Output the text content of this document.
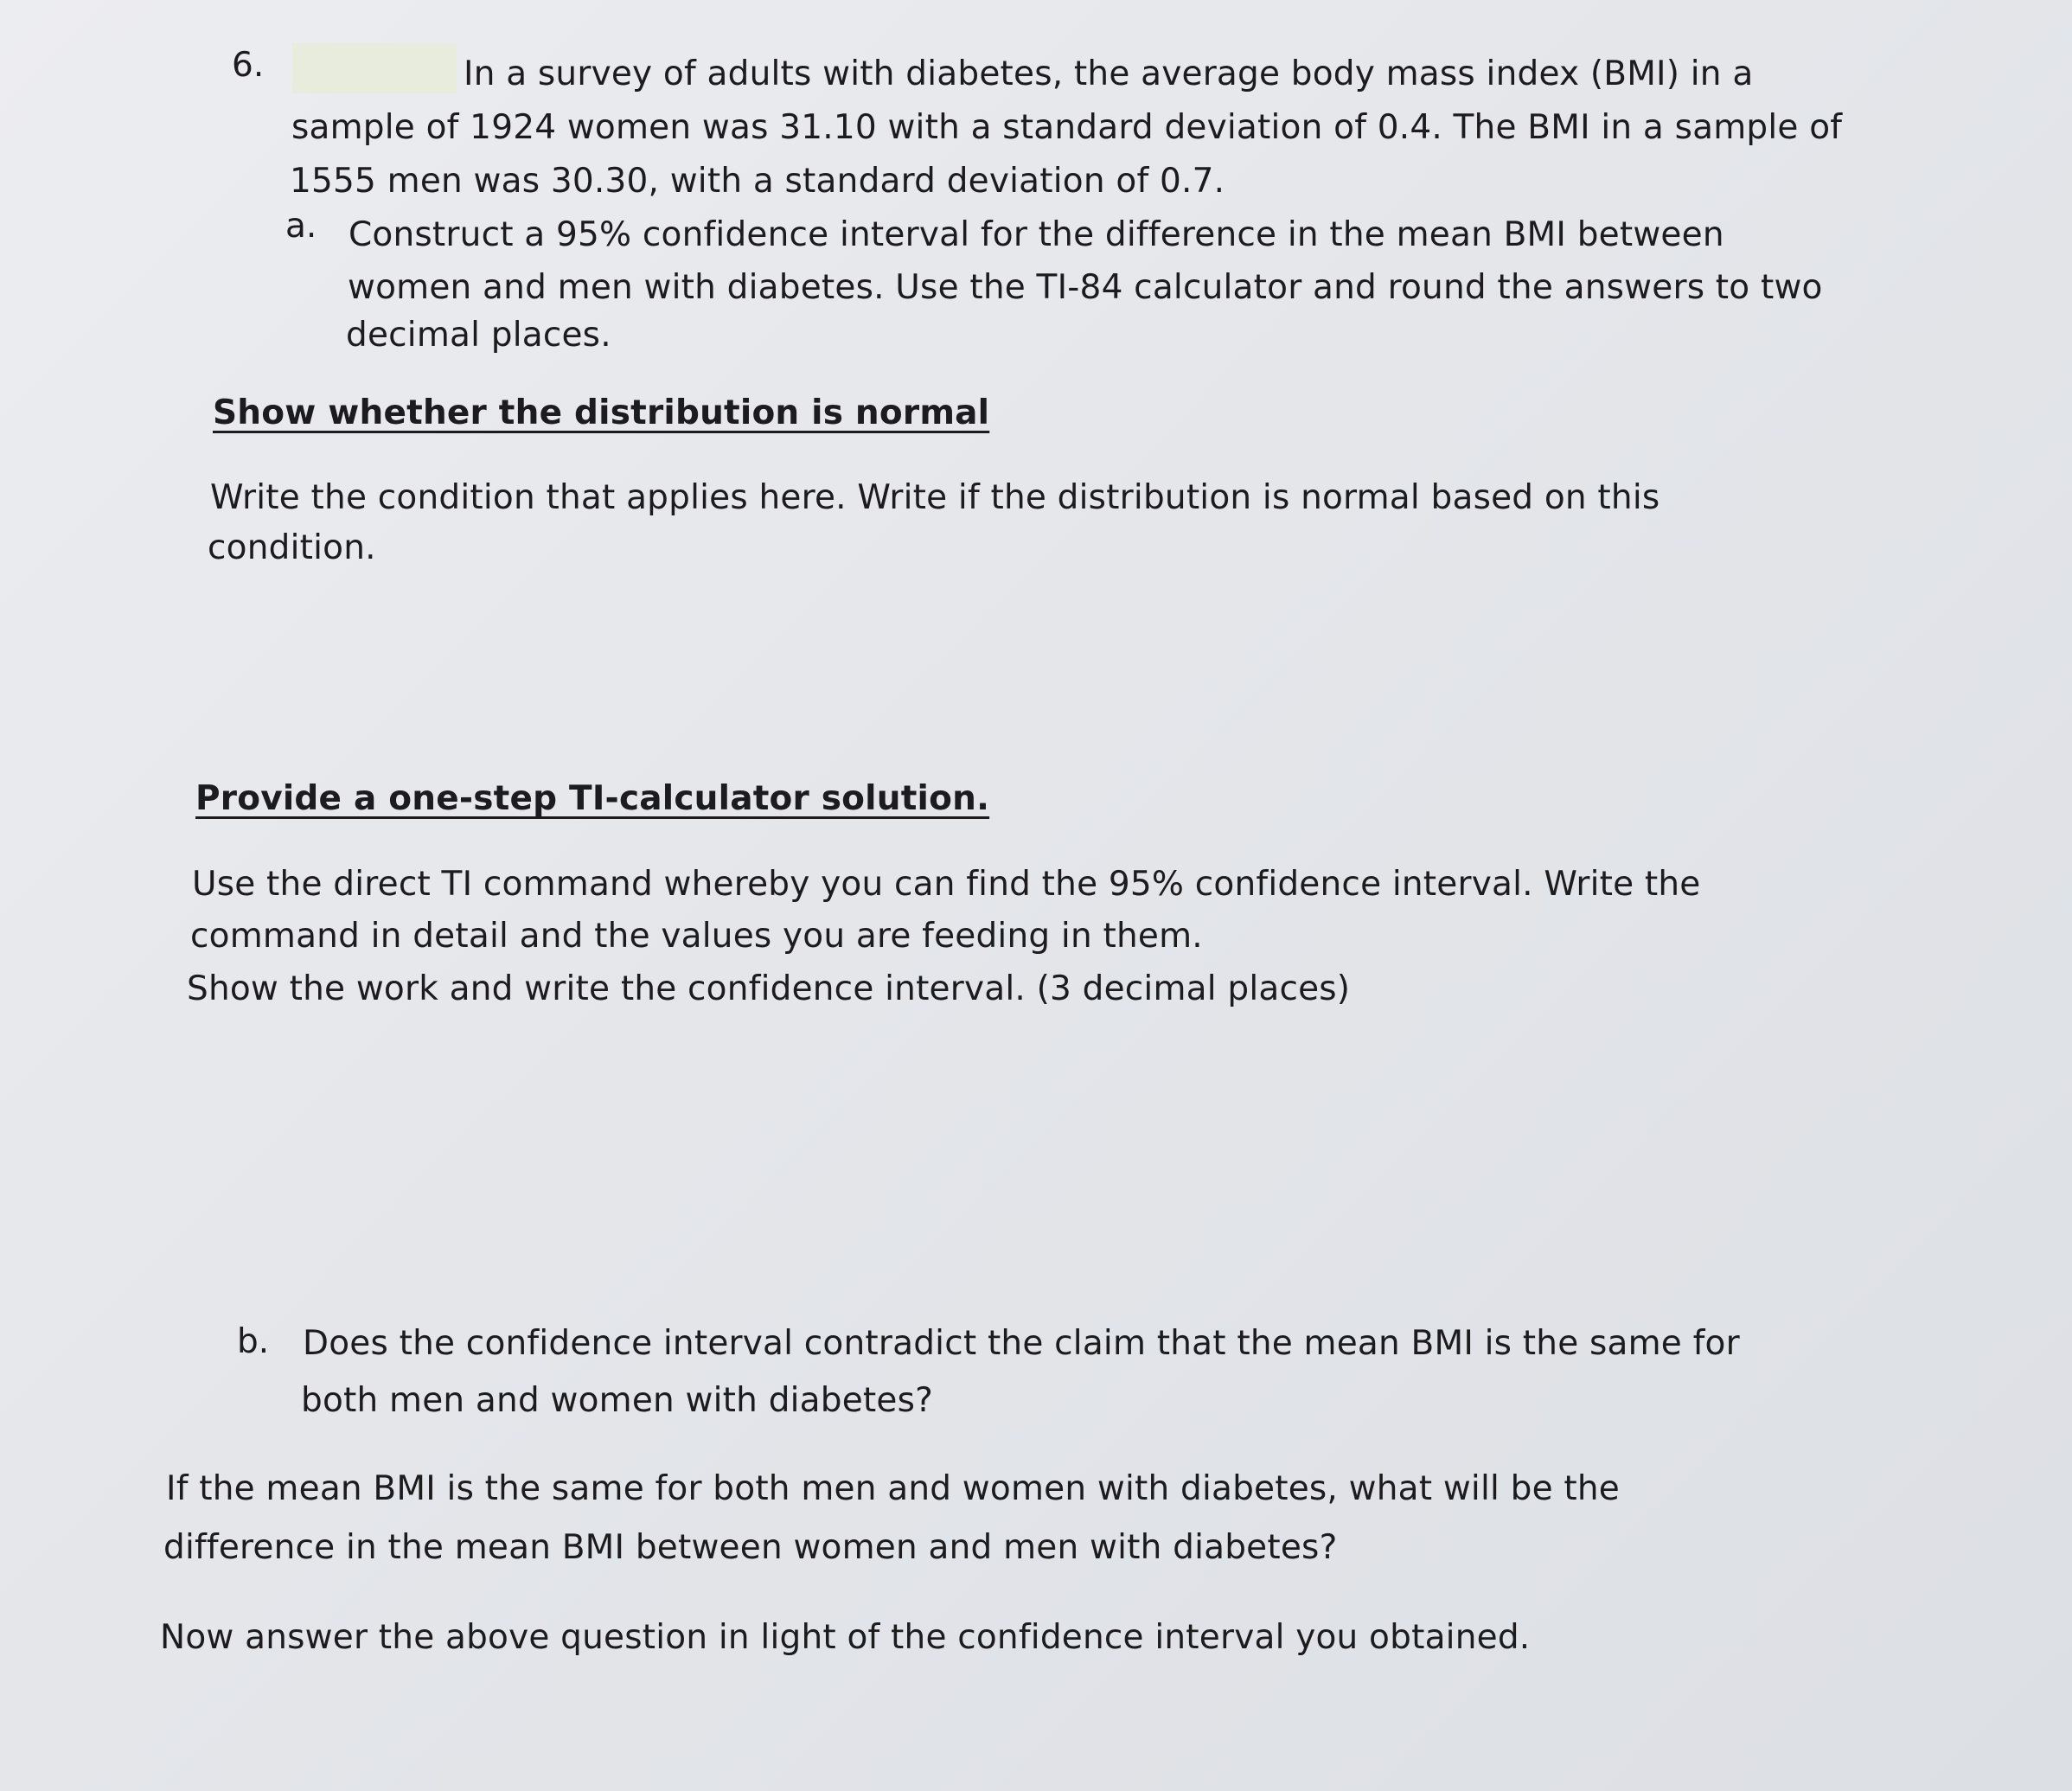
6.	In a survey of adults with diabetes, the average body mass index (BMI) in a
sample of 1924 women was 31.10 with a standard deviation of 0.4. The BMI in a sample of
1555 men was 30.30, with a standard deviation of 0.7.
a. Construct a 95% confidence interval for the difference in the mean BMI between
women and men with diabetes. Use the TI-84 calculator and round the answers to two
decimal places.
Show whether the distribution is normal
Write the condition that applies here. Write if the distribution is normal based on this
condition.
Provide a one-step TI-calculator solution.
Use the direct TI command whereby you can find the 95% confidence interval. Write the
command in detail and the values you are feeding in them.
Show the work and write the confidence interval. (3 decimal places)
b. Does the confidence interval contradict the claim that the mean BMI is the same for
both men and women with diabetes?
If the mean BMI is the same for both men and women with diabetes, what will be the
difference in the mean BMI between women and men with diabetes?
Now answer the above question in light of the confidence interval you obtained.
